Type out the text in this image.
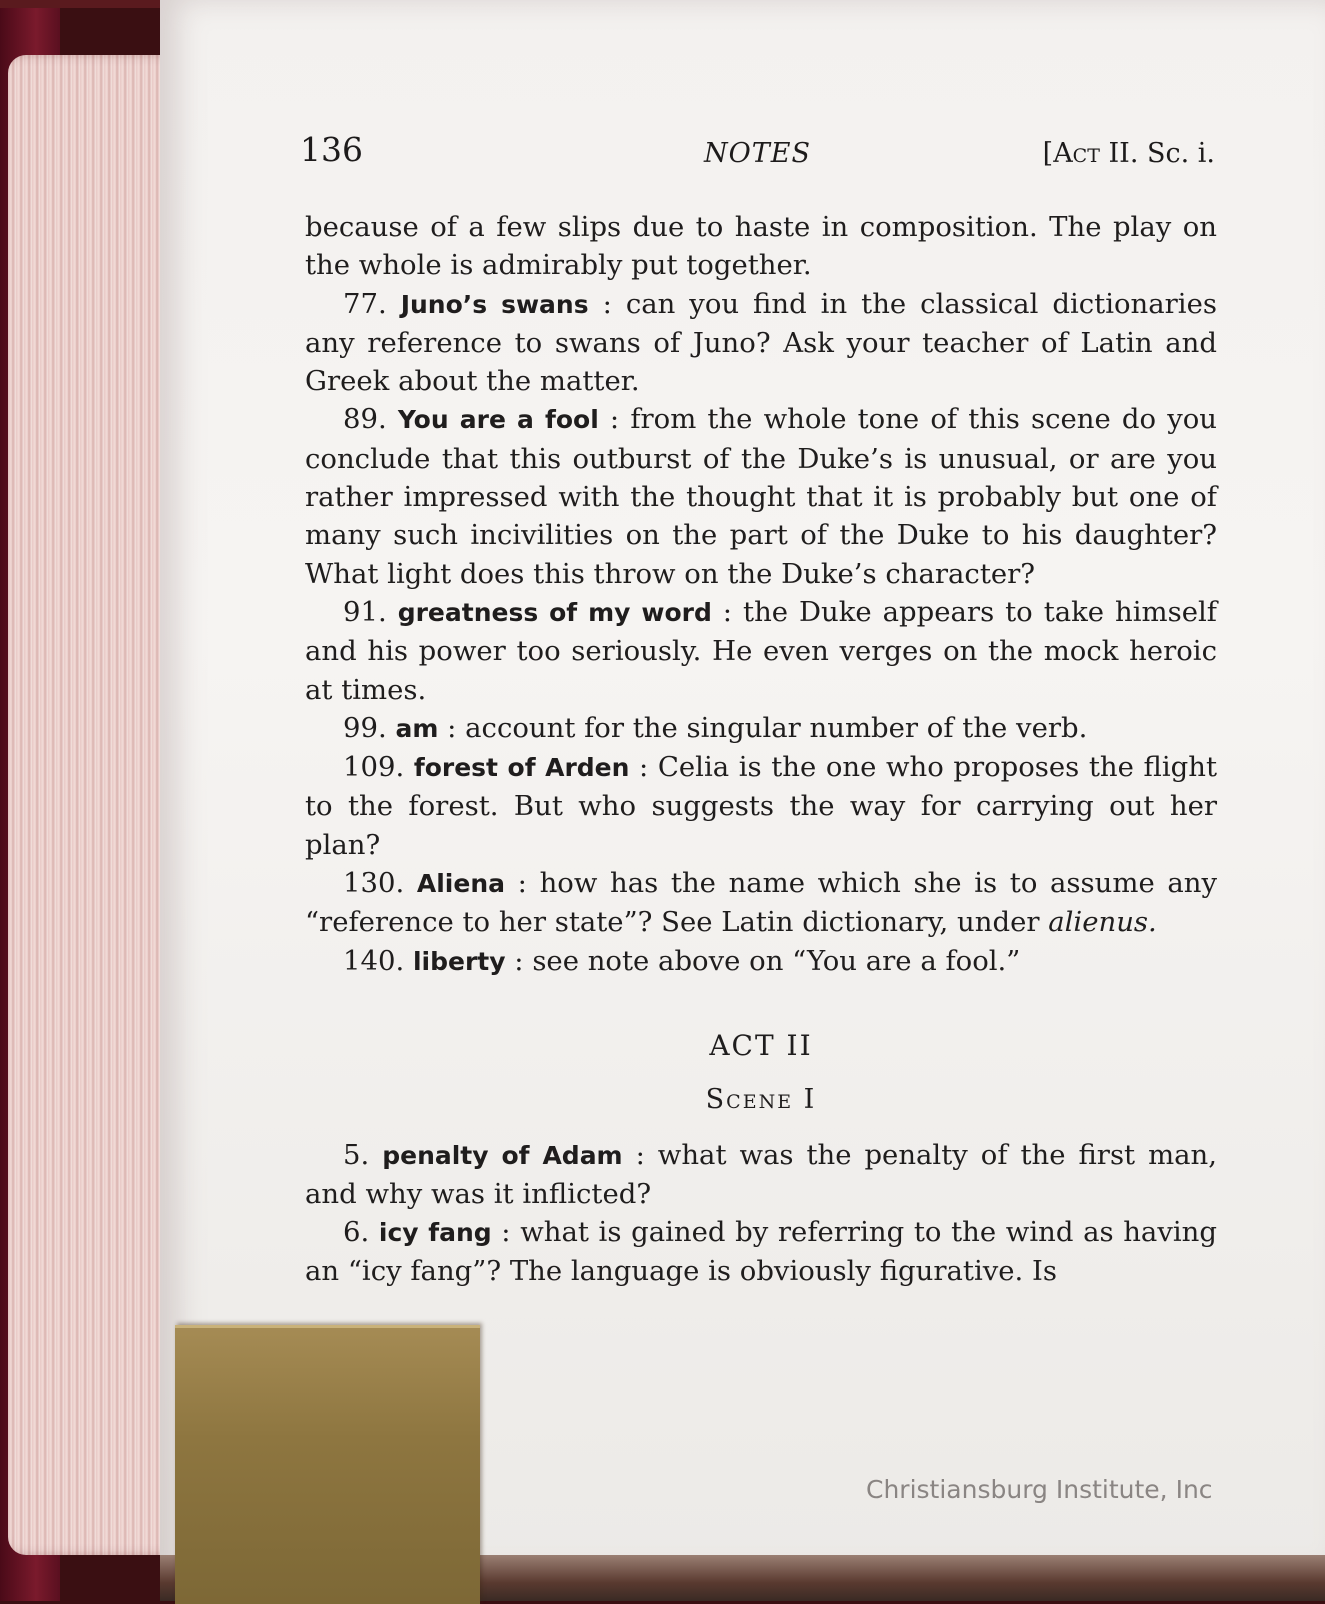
136	NOTES	[Act II. Sc. i.

because of a few slips due to haste in composition. The play on the whole is admirably put together.

77. Juno’s swans : can you find in the classical dictionaries any reference to swans of Juno? Ask your teacher of Latin and Greek about the matter.

89. You are a fool : from the whole tone of this scene do you conclude that this outburst of the Duke’s is unusual, or are you rather impressed with the thought that it is probably but one of many such incivilities on the part of the Duke to his daughter? What light does this throw on the Duke’s character?

91. greatness of my word : the Duke appears to take himself and his power too seriously. He even verges on the mock heroic at times.

99. am : account for the singular number of the verb.

109. forest of Arden : Celia is the one who proposes the flight to the forest. But who suggests the way for carrying out her plan?

130. Aliena : how has the name which she is to assume any “reference to her state”? See Latin dictionary, under alienus.

140. liberty : see note above on “You are a fool.”

ACT II

Scene I

5. penalty of Adam : what was the penalty of the first man, and why was it inflicted?

6. icy fang : what is gained by referring to the wind as having an “icy fang”? The language is obviously figurative. Is

Christiansburg Institute, Inc
